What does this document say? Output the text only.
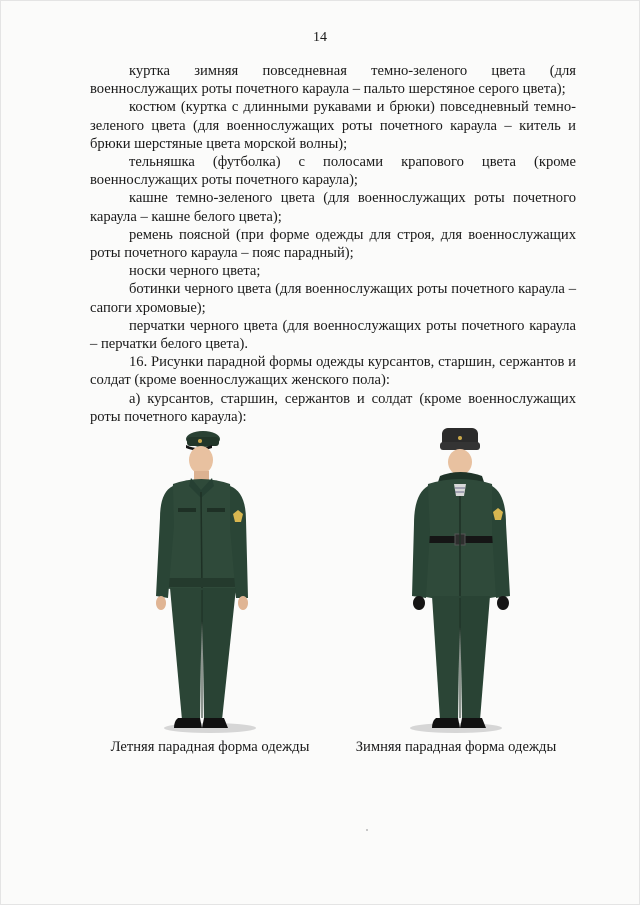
14

куртка зимняя повседневная темно-зеленого цвета (для военнослужащих роты почетного караула – пальто шерстяное серого цвета);

костюм (куртка с длинными рукавами и брюки) повседневный темно-зеленого цвета (для военнослужащих роты почетного караула – китель и брюки шерстяные цвета морской волны);

тельняшка (футболка) с полосами крапового цвета (кроме военнослужащих роты почетного караула);

кашне темно-зеленого цвета (для военнослужащих роты почетного караула – кашне белого цвета);

ремень поясной (при форме одежды для строя, для военнослужащих роты почетного караула – пояс парадный);

носки черного цвета;

ботинки черного цвета (для военнослужащих роты почетного караула – сапоги хромовые);

перчатки черного цвета (для военнослужащих роты почетного караула – перчатки белого цвета).

16. Рисунки парадной формы одежды курсантов, старшин, сержантов и солдат (кроме военнослужащих женского пола):

а) курсантов, старшин, сержантов и солдат (кроме военнослужащих роты почетного караула):

Летняя парадная форма одежды	Зимняя парадная форма одежды
